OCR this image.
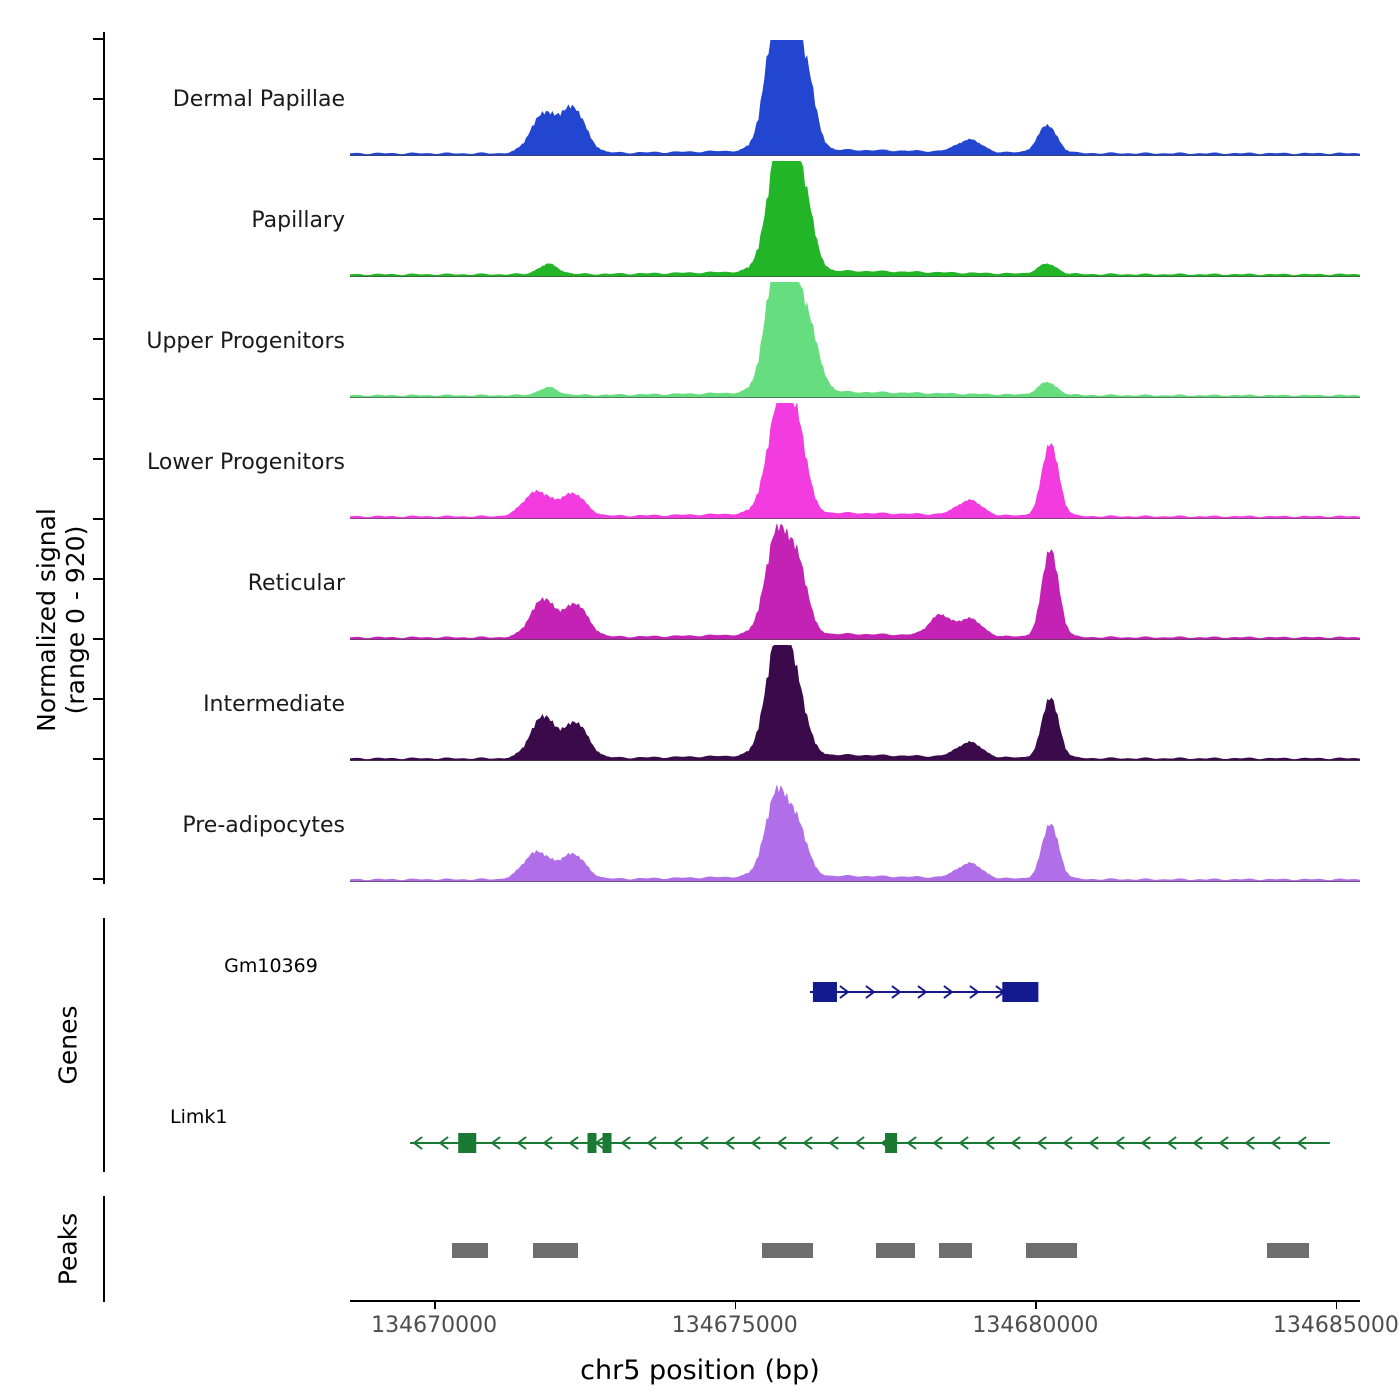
Normalized signal (range 0 - 920)
Dermal Papillae
Papillary
Upper Progenitors
Lower Progenitors
Reticular
Intermediate
Pre-adipocytes
Genes
Gm10369
Limk1
Peaks
134670000	134675000	134680000	134685000
chr5 position (bp)
